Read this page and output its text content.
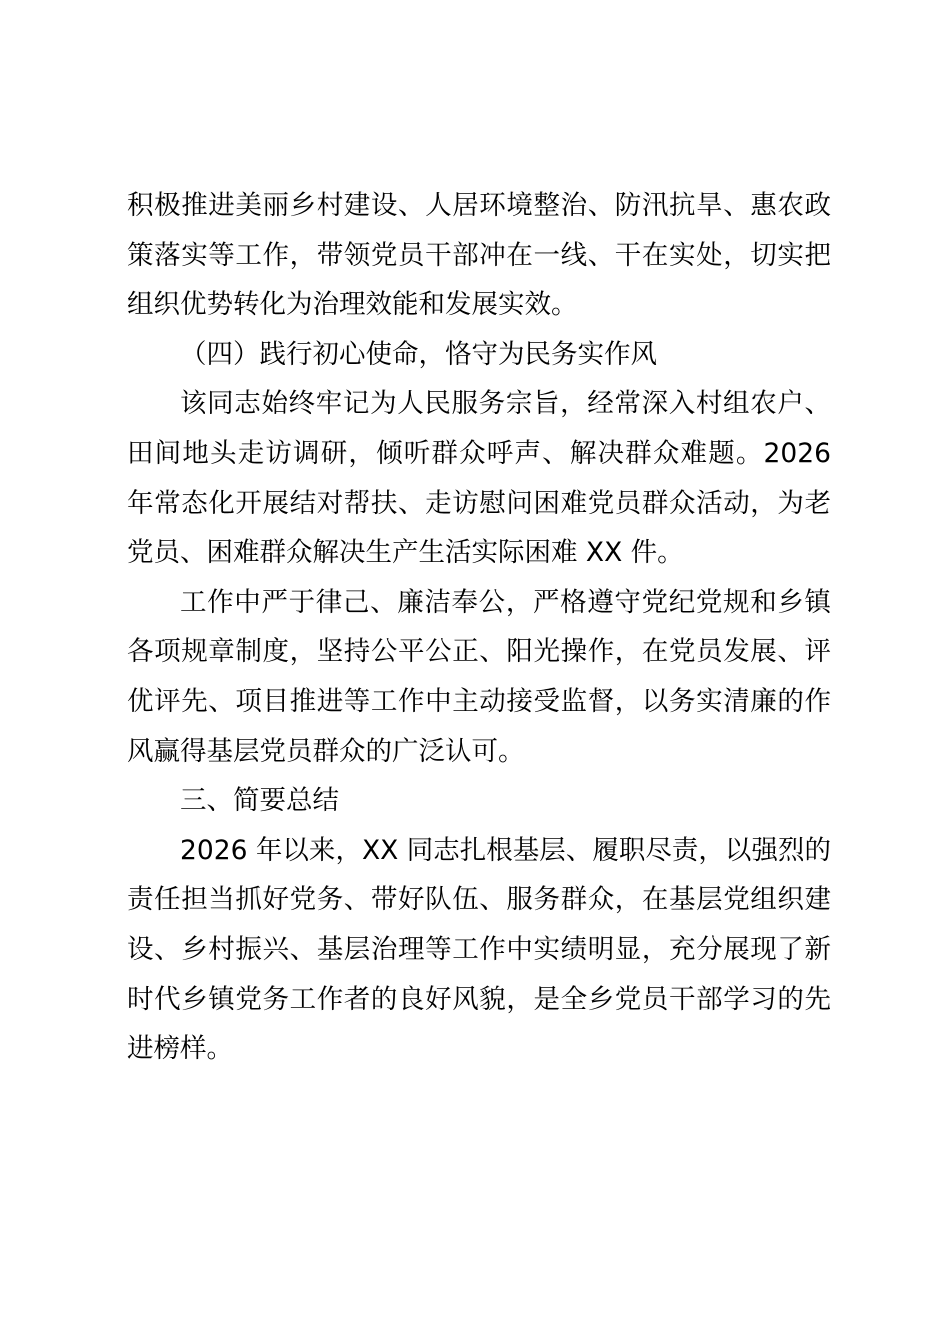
积极推进美丽乡村建设、人居环境整治、防汛抗旱、惠农政策落实等工作，带领党员干部冲在一线、干在实处，切实把组织优势转化为治理效能和发展实效。

（四）践行初心使命，恪守为民务实作风

该同志始终牢记为人民服务宗旨，经常深入村组农户、田间地头走访调研，倾听群众呼声、解决群众难题。2026 年常态化开展结对帮扶、走访慰问困难党员群众活动，为老党员、困难群众解决生产生活实际困难 XX 件。

工作中严于律己、廉洁奉公，严格遵守党纪党规和乡镇各项规章制度，坚持公平公正、阳光操作，在党员发展、评优评先、项目推进等工作中主动接受监督，以务实清廉的作风赢得基层党员群众的广泛认可。

三、简要总结

2026 年以来，XX 同志扎根基层、履职尽责，以强烈的责任担当抓好党务、带好队伍、服务群众，在基层党组织建设、乡村振兴、基层治理等工作中实绩明显，充分展现了新时代乡镇党务工作者的良好风貌，是全乡党员干部学习的先进榜样。
